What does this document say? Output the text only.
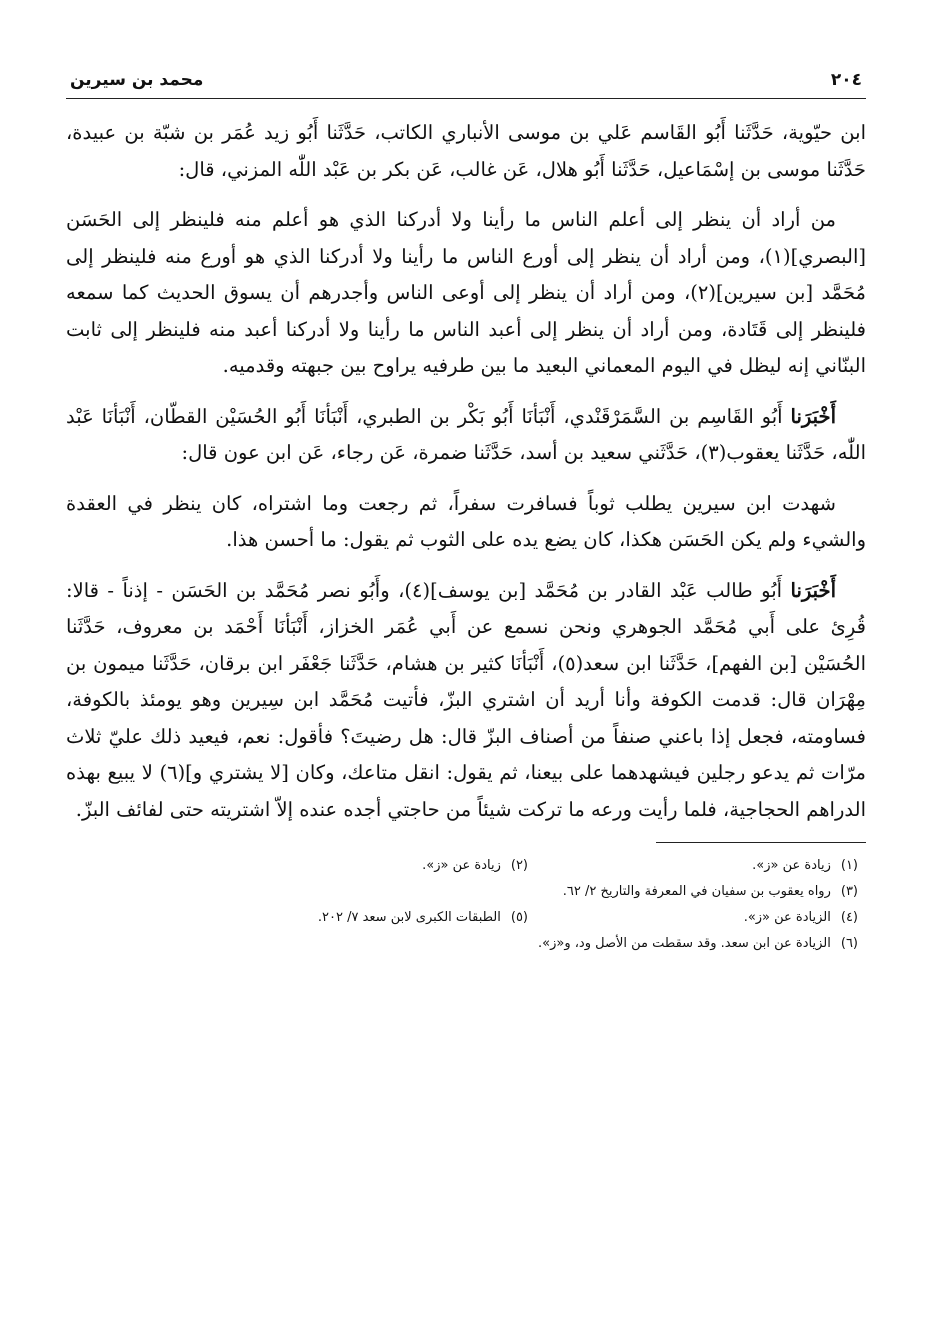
٢٠٤
محمد بن سيرين

ابن حيّوية، حَدَّثَنا أَبُو القَاسم عَلي بن موسى الأنباري الكاتب، حَدَّثَنا أَبُو زيد عُمَر بن شبّة بن عبيدة، حَدَّثَنا موسى بن إسْمَاعيل، حَدَّثَنا أَبُو هلال، عَن غالب، عَن بكر بن عَبْد اللّٰه المزني، قال:

من أراد أن ينظر إلى أعلم الناس ما رأينا ولا أدركنا الذي هو أعلم منه فلينظر إلى الحَسَن [البصري](١)، ومن أراد أن ينظر إلى أورع الناس ما رأينا ولا أدركنا الذي هو أورع منه فلينظر إلى مُحَمَّد [بن سيرين](٢)، ومن أراد أن ينظر إلى أوعى الناس وأجدرهم أن يسوق الحديث كما سمعه فلينظر إلى قَتَادة، ومن أراد أن ينظر إلى أعبد الناس ما رأينا ولا أدركنا أعبد منه فلينظر إلى ثابت البنّاني إنه ليظل في اليوم المعماني البعيد ما بين طرفيه يراوح بين جبهته وقدميه.

أَخْبَرَنا أَبُو القَاسِم بن السَّمَرْقَنْدي، أَنْبَأنَا أَبُو بَكْر بن الطبري، أَنْبَأنَا أَبُو الحُسَيْن القطّان، أَنْبَأنَا عَبْد اللّٰه، حَدَّثَنا يعقوب(٣)، حَدَّثَني سعيد بن أسد، حَدَّثَنا ضمرة، عَن رجاء، عَن ابن عون قال:

شهدت ابن سيرين يطلب ثوباً فسافرت سفراً، ثم رجعت وما اشتراه، كان ينظر في العقدة والشيء ولم يكن الحَسَن هكذا، كان يضع يده على الثوب ثم يقول: ما أحسن هذا.

أَخْبَرَنا أَبُو طالب عَبْد القادر بن مُحَمَّد [بن يوسف](٤)، وأَبُو نصر مُحَمَّد بن الحَسَن - إذناً - قالا: قُرِئ على أَبي مُحَمَّد الجوهري ونحن نسمع عن أَبي عُمَر الخزاز، أَنْبَأنَا أَحْمَد بن معروف، حَدَّثَنا الحُسَيْن [بن الفهم]، حَدَّثَنا ابن سعد(٥)، أَنْبَأنَا كثير بن هشام، حَدَّثَنا جَعْفَر ابن برقان، حَدَّثَنا ميمون بن مِهْرَان قال: قدمت الكوفة وأنا أريد أن اشتري البزّ، فأتيت مُحَمَّد ابن سِيرين وهو يومئذ بالكوفة، فساومته، فجعل إذا باعني صنفاً من أصناف البزّ قال: هل رضيتَ؟ فأقول: نعم، فيعيد ذلك عليّ ثلاث مرّات ثم يدعو رجلين فيشهدهما على بيعنا، ثم يقول: انقل متاعك، وكان [لا يشتري و](٦) لا يبيع بهذه الدراهم الحجاجية، فلما رأيت ورعه ما تركت شيئاً من حاجتي أجده عنده إلاّ اشتريته حتى لفائف البزّ.

(١)زيادة عن «ز».
(٢)زيادة عن «ز».
(٣)رواه يعقوب بن سفيان في المعرفة والتاريخ ٢/ ٦٢.
(٤)الزيادة عن «ز».
(٥)الطبقات الكبرى لابن سعد ٧/ ٢٠٢.
(٦)الزيادة عن ابن سعد. وقد سقطت من الأصل ود، و«ز».
